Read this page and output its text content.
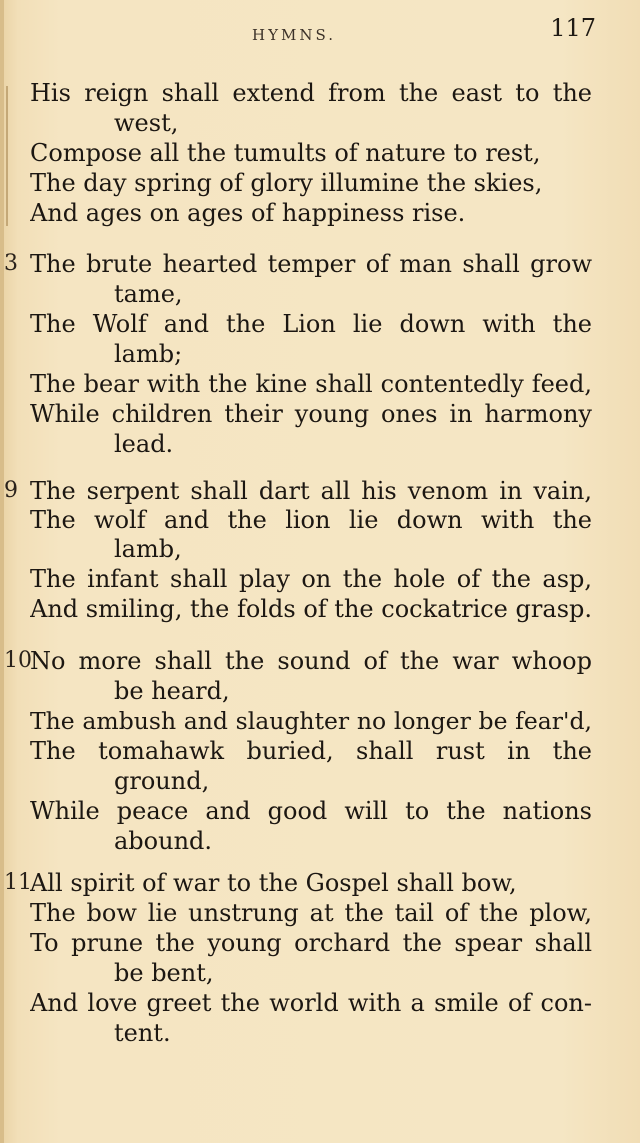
HYMNS.	117
His reign shall extend from the east to the
west,
Compose all the tumults of nature to rest,
The day spring of glory illumine the skies,
And ages on ages of happiness rise.
3 The brute hearted temper of man shall grow
tame,
The Wolf and the Lion lie down with the
lamb;
The bear with the kine shall contentedly feed,
While children their young ones in harmony
lead.
9 The serpent shall dart all his venom in vain,
The wolf and the lion lie down with the
lamb,
The infant shall play on the hole of the asp,
And smiling, the folds of the cockatrice grasp.
10
No more shall the sound of the war whoop
be heard,
The ambush and slaughter no longer be fear'd,
The tomahawk buried, shall rust in the
ground,
While peace and good will to the nations
abound.
11
All spirit of war to the Gospel shall bow,
The bow lie unstrung at the tail of the plow,
To prune the young orchard the spear shall
be bent,
And love greet the world with a smile of con-
tent.
